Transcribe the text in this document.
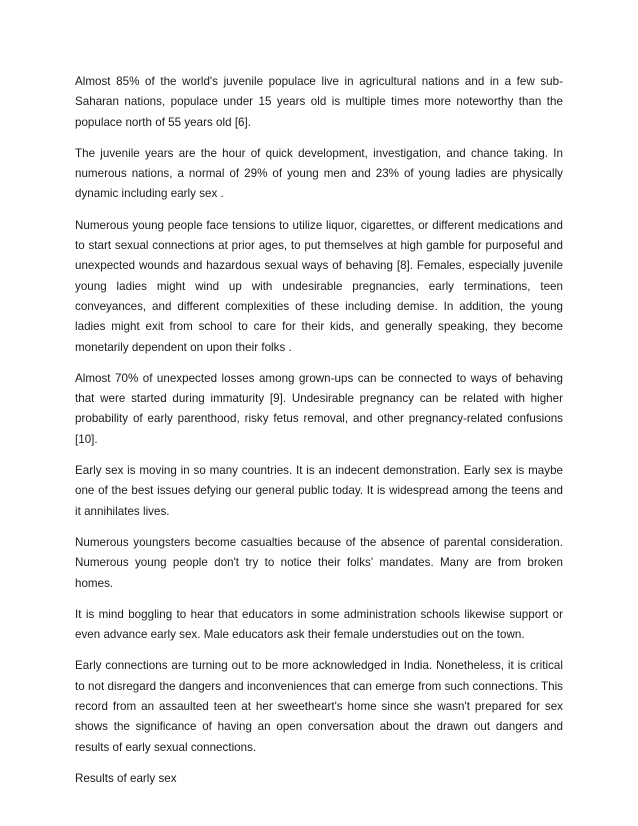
Almost 85% of the world's juvenile populace live in agricultural nations and in a few sub-Saharan nations, populace under 15 years old is multiple times more noteworthy than the populace north of 55 years old [6].

The juvenile years are the hour of quick development, investigation, and chance taking. In numerous nations, a normal of 29% of young men and 23% of young ladies are physically dynamic including early sex .

Numerous young people face tensions to utilize liquor, cigarettes, or different medications and to start sexual connections at prior ages, to put themselves at high gamble for purposeful and unexpected wounds and hazardous sexual ways of behaving [8]. Females, especially juvenile young ladies might wind up with undesirable pregnancies, early terminations, teen conveyances, and different complexities of these including demise. In addition, the young ladies might exit from school to care for their kids, and generally speaking, they become monetarily dependent on upon their folks .

Almost 70% of unexpected losses among grown-ups can be connected to ways of behaving that were started during immaturity [9]. Undesirable pregnancy can be related with higher probability of early parenthood, risky fetus removal, and other pregnancy-related confusions [10].

Early sex is moving in so many countries. It is an indecent demonstration. Early sex is maybe one of the best issues defying our general public today. It is widespread among the teens and it annihilates lives.

Numerous youngsters become casualties because of the absence of parental consideration. Numerous young people don't try to notice their folks' mandates. Many are from broken homes.

It is mind boggling to hear that educators in some administration schools likewise support or even advance early sex. Male educators ask their female understudies out on the town.

Early connections are turning out to be more acknowledged in India. Nonetheless, it is critical to not disregard the dangers and inconveniences that can emerge from such connections. This record from an assaulted teen at her sweetheart's home since she wasn't prepared for sex shows the significance of having an open conversation about the drawn out dangers and results of early sexual connections.

Results of early sex
